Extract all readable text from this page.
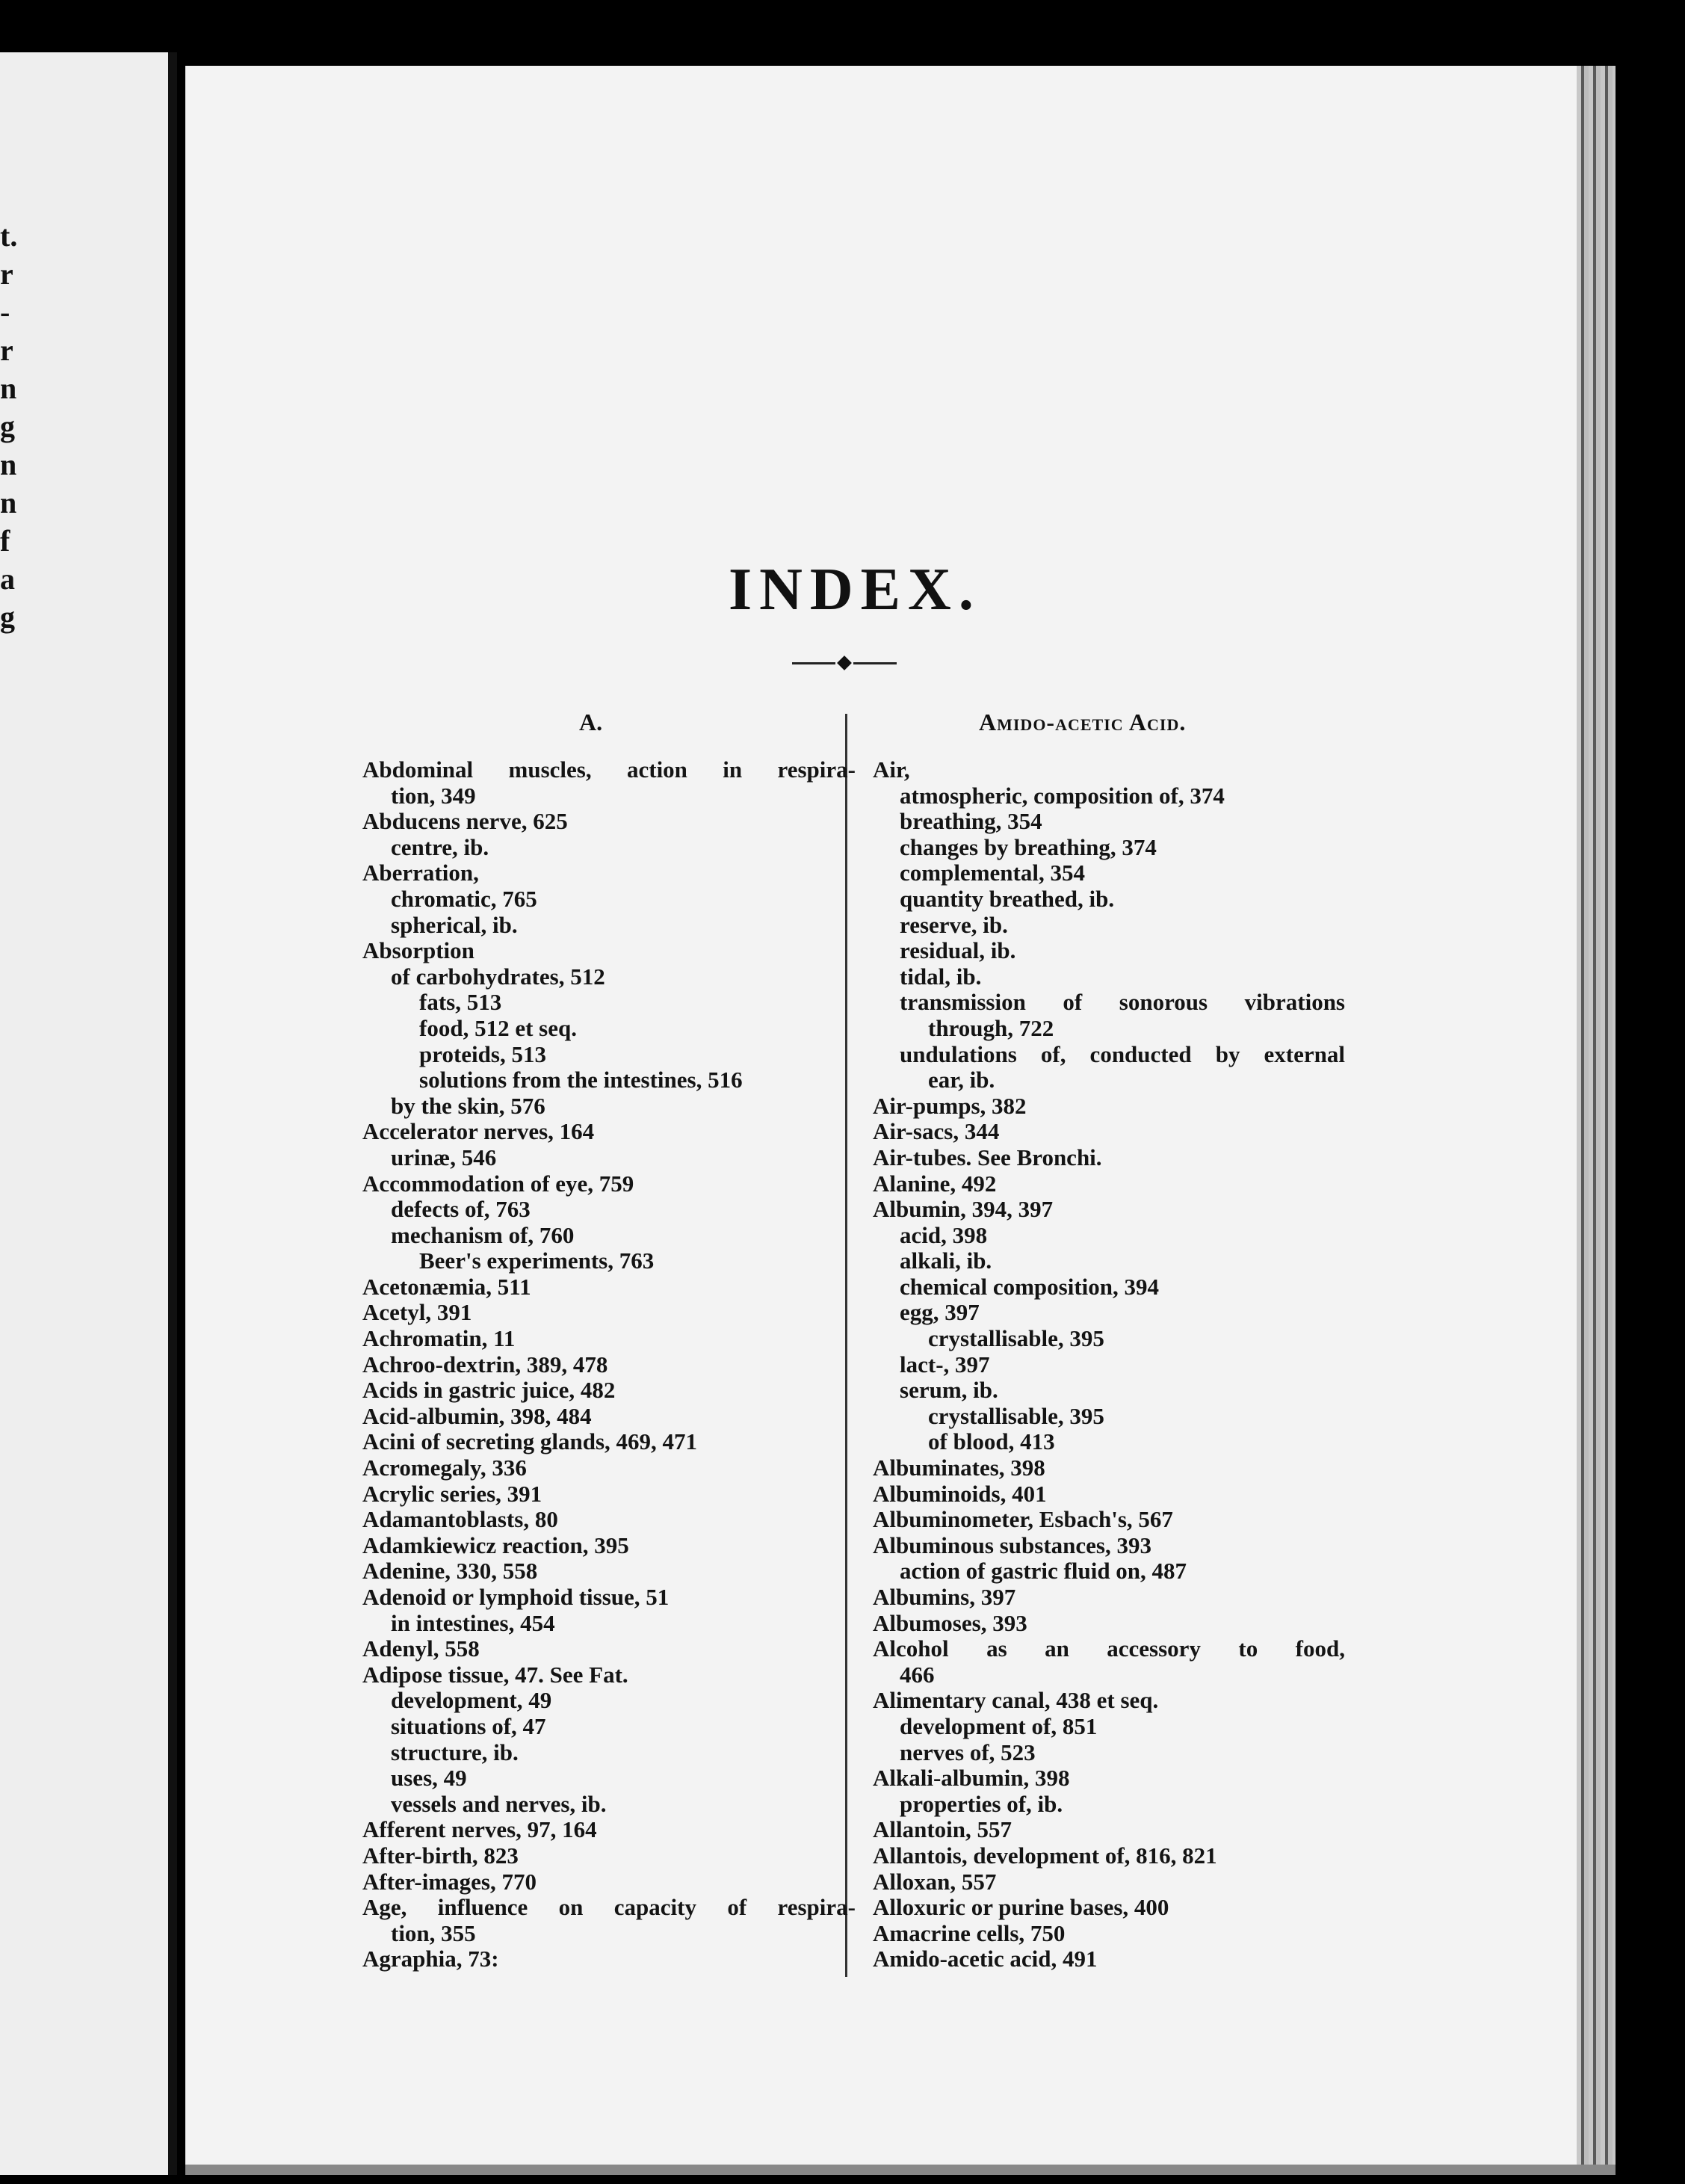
t.
r
-
r
n
g
n
n
f
a
g	INDEX.
A.	Amido-acetic Acid.
Abdominal muscles, action in respira-
tion, 349
Abducens nerve, 625
centre, ib.
Aberration,
chromatic, 765
spherical, ib.
Absorption
of carbohydrates, 512
fats, 513
food, 512 et seq.
proteids, 513
solutions from the intestines, 516
by the skin, 576
Accelerator nerves, 164
urinæ, 546
Accommodation of eye, 759
defects of, 763
mechanism of, 760
Beer's experiments, 763
Acetonæmia, 511
Acetyl, 391
Achromatin, 11
Achroo-dextrin, 389, 478
Acids in gastric juice, 482
Acid-albumin, 398, 484
Acini of secreting glands, 469, 471
Acromegaly, 336
Acrylic series, 391
Adamantoblasts, 80
Adamkiewicz reaction, 395
Adenine, 330, 558
Adenoid or lymphoid tissue, 51
in intestines, 454
Adenyl, 558
Adipose tissue, 47. See Fat.
development, 49
situations of, 47
structure, ib.
uses, 49
vessels and nerves, ib.
Afferent nerves, 97, 164
After-birth, 823
After-images, 770
Age, influence on capacity of respira-
tion, 355
Agraphia, 73:
Air,
atmospheric, composition of, 374
breathing, 354
changes by breathing, 374
complemental, 354
quantity breathed, ib.
reserve, ib.
residual, ib.
tidal, ib.
transmission of sonorous vibrations
through, 722
undulations of, conducted by external
ear, ib.
Air-pumps, 382
Air-sacs, 344
Air-tubes. See Bronchi.
Alanine, 492
Albumin, 394, 397
acid, 398
alkali, ib.
chemical composition, 394
egg, 397
crystallisable, 395
lact-, 397
serum, ib.
crystallisable, 395
of blood, 413
Albuminates, 398
Albuminoids, 401
Albuminometer, Esbach's, 567
Albuminous substances, 393
action of gastric fluid on, 487
Albumins, 397
Albumoses, 393
Alcohol as an accessory to food,
466
Alimentary canal, 438 et seq.
development of, 851
nerves of, 523
Alkali-albumin, 398
properties of, ib.
Allantoin, 557
Allantois, development of, 816, 821
Alloxan, 557
Alloxuric or purine bases, 400
Amacrine cells, 750
Amido-acetic acid, 491
